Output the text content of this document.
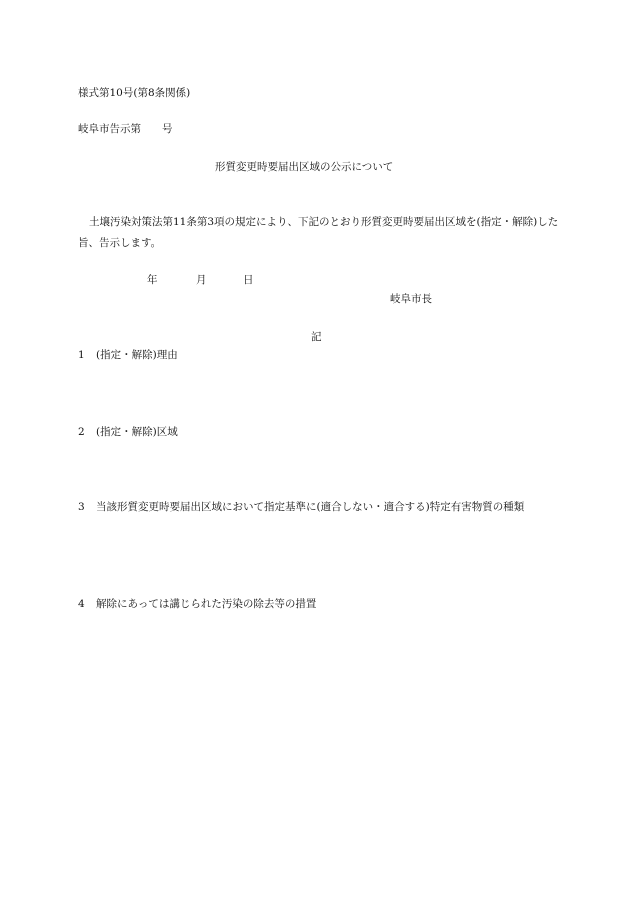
様式第10号(第8条関係)
岐阜市告示第　　号
形質変更時要届出区域の公示について
土壌汚染対策法第11条第3項の規定により、下記のとおり形質変更時要届出区域を(指定・解除)した旨、告示します。
年	月	日
岐阜市長
記
1 (指定・解除)理由
2 (指定・解除)区域
3 当該形質変更時要届出区域において指定基準に(適合しない・適合する)特定有害物質の種類
4 解除にあっては講じられた汚染の除去等の措置
